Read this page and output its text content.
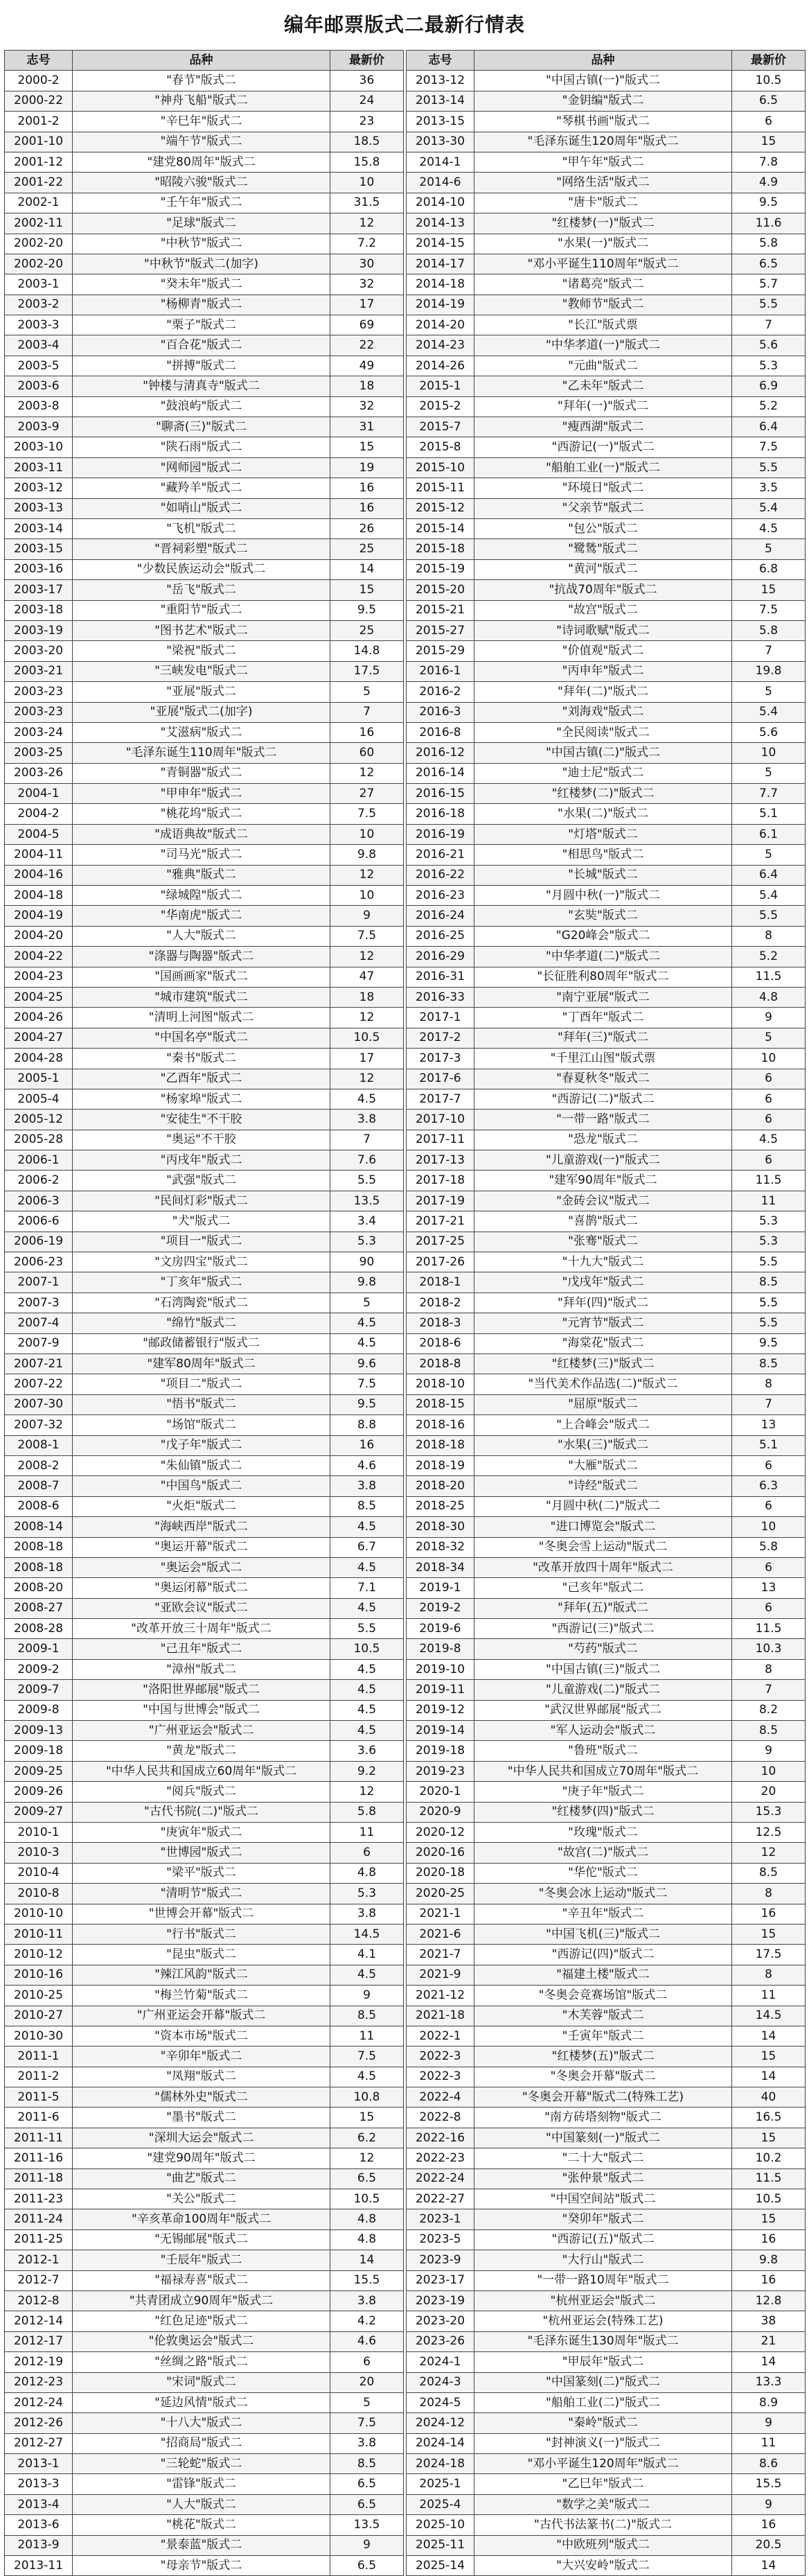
编年邮票版式二最新行情表
志号	品种	最新价
2000-2	"春节"版式二	36
2000-22	"神舟飞船"版式二	24
2001-2	"辛巳年"版式二	23
2001-10	"端午节"版式二	18.5
2001-12	"建党80周年"版式二	15.8
2001-22	"昭陵六骏"版式二	10
2002-1	"壬午年"版式二	31.5
2002-11	"足球"版式二	12
2002-20	"中秋节"版式二	7.2
2002-20	"中秋节"版式二(加字)	30
2003-1	"癸未年"版式二	32
2003-2	"杨柳青"版式二	17
2003-3	"栗子"版式二	69
2003-4	"百合花"版式二	22
2003-5	"拼搏"版式二	49
2003-6	"钟楼与清真寺"版式二	18
2003-8	"鼓浪屿"版式二	32
2003-9	"聊斋(三)"版式二	31
2003-10	"陕石雨"版式二	15
2003-11	"网师园"版式二	19
2003-12	"藏羚羊"版式二	16
2003-13	"如哨山"版式二	16
2003-14	"飞机"版式二	26
2003-15	"晋祠彩塑"版式二	25
2003-16	"少数民族运动会"版式二	14
2003-17	"岳飞"版式二	15
2003-18	"重阳节"版式二	9.5
2003-19	"图书艺术"版式二	25
2003-20	"梁祝"版式二	14.8
2003-21	"三峡发电"版式二	17.5
2003-23	"亚展"版式二	5
2003-23	"亚展"版式二(加字)	7
2003-24	"艾滋病"版式二	16
2003-25	"毛泽东诞生110周年"版式二	60
2003-26	"青铜器"版式二	12
2004-1	"甲申年"版式二	27
2004-2	"桃花坞"版式二	7.5
2004-5	"成语典故"版式二	10
2004-11	"司马光"版式二	9.8
2004-16	"雅典"版式二	12
2004-18	"绿城隍"版式二	10
2004-19	"华南虎"版式二	9
2004-20	"人大"版式二	7.5
2004-22	"涤器与陶器"版式二	12
2004-23	"国画画家"版式二	47
2004-25	"城市建筑"版式二	18
2004-26	"清明上河图"版式二	12
2004-27	"中国名亭"版式二	10.5
2004-28	"秦书"版式二	17
2005-1	"乙酉年"版式二	12
2005-4	"杨家埠"版式二	4.5
2005-12	"安徒生"不干胶	3.8
2005-28	"奥运"不干胶	7
2006-1	"丙戌年"版式二	7.6
2006-2	"武强"版式二	5.5
2006-3	"民间灯彩"版式二	13.5
2006-6	"犬"版式二	3.4
2006-19	"项目一"版式二	5.3
2006-23	"文房四宝"版式二	90
2007-1	"丁亥年"版式二	9.8
2007-3	"石湾陶瓷"版式二	5
2007-4	"绵竹"版式二	4.5
2007-9	"邮政储蓄银行"版式二	4.5
2007-21	"建军80周年"版式二	9.6
2007-22	"项目二"版式二	7.5
2007-30	"悟书"版式二	9.5
2007-32	"场馆"版式二	8.8
2008-1	"戊子年"版式二	16
2008-2	"朱仙镇"版式二	4.6
2008-7	"中国鸟"版式二	3.8
2008-6	"火炬"版式二	8.5
2008-14	"海峡西岸"版式二	4.5
2008-18	"奥运开幕"版式二	6.7
2008-18	"奥运会"版式二	4.5
2008-20	"奥运闭幕"版式二	7.1
2008-27	"亚欧会议"版式二	4.5
2008-28	"改革开放三十周年"版式二	5.5
2009-1	"己丑年"版式二	10.5
2009-2	"漳州"版式二	4.5
2009-7	"洛阳世界邮展"版式二	4.5
2009-8	"中国与世博会"版式二	4.5
2009-13	"广州亚运会"版式二	4.5
2009-18	"黄龙"版式二	3.6
2009-25	"中华人民共和国成立60周年"版式二	9.2
2009-26	"阅兵"版式二	12
2009-27	"古代书院(二)"版式二	5.8
2010-1	"庚寅年"版式二	11
2010-3	"世博园"版式二	6
2010-4	"梁平"版式二	4.8
2010-8	"清明节"版式二	5.3
2010-10	"世博会开幕"版式二	3.8
2010-11	"行书"版式二	14.5
2010-12	"昆虫"版式二	4.1
2010-16	"辣江风韵"版式二	4.5
2010-25	"梅兰竹菊"版式二	9
2010-27	"广州亚运会开幕"版式二	8.5
2010-30	"资本市场"版式二	11
2011-1	"辛卯年"版式二	7.5
2011-2	"凤翔"版式二	4.5
2011-5	"儒林外史"版式二	10.8
2011-6	"墨书"版式二	15
2011-11	"深圳大运会"版式二	6.2
2011-16	"建党90周年"版式二	12
2011-18	"曲艺"版式二	6.5
2011-23	"关公"版式二	10.5
2011-24	"辛亥革命100周年"版式二	4.8
2011-25	"无锡邮展"版式二	4.8
2012-1	"壬辰年"版式二	14
2012-7	"福禄寿喜"版式二	15.5
2012-8	"共青团成立90周年"版式二	3.8
2012-14	"红色足迹"版式二	4.2
2012-17	"伦敦奥运会"版式二	4.6
2012-19	"丝绸之路"版式二	6
2012-23	"宋词"版式二	20
2012-24	"延边风情"版式二	5
2012-26	"十八大"版式二	7.5
2012-27	"招商局"版式二	3.8
2013-1	"三轮蛇"版式二	8.5
2013-3	"雷锋"版式二	6.5
2013-4	"人大"版式二	6.5
2013-6	"桃花"版式二	13.5
2013-9	"景泰蓝"版式二	9
2013-11	"母亲节"版式二	6.5
志号	品种	最新价
2013-12	"中国古镇(一)"版式二	10.5
2013-14	"金钥编"版式二	6.5
2013-15	"琴棋书画"版式二	6
2013-30	"毛泽东诞生120周年"版式二	15
2014-1	"甲午年"版式二	7.8
2014-6	"网络生活"版式二	4.9
2014-10	"唐卡"版式二	9.5
2014-13	"红楼梦(一)"版式二	11.6
2014-15	"水果(一)"版式二	5.8
2014-17	"邓小平诞生110周年"版式二	6.5
2014-18	"诸葛亮"版式二	5.7
2014-19	"教师节"版式二	5.5
2014-20	"长江"版式票	7
2014-23	"中华孝道(一)"版式二	5.6
2014-26	"元曲"版式二	5.3
2015-1	"乙未年"版式二	6.9
2015-2	"拜年(一)"版式二	5.2
2015-7	"瘦西湖"版式二	6.4
2015-8	"西游记(一)"版式二	7.5
2015-10	"船舶工业(一)"版式二	5.5
2015-11	"环境日"版式二	3.5
2015-12	"父亲节"版式二	5.4
2015-14	"包公"版式二	4.5
2015-18	"鹭鸶"版式二	5
2015-19	"黄河"版式二	6.8
2015-20	"抗战70周年"版式二	15
2015-21	"故宫"版式二	7.5
2015-27	"诗词歌赋"版式二	5.8
2015-29	"价值观"版式二	7
2016-1	"丙申年"版式二	19.8
2016-2	"拜年(二)"版式二	5
2016-3	"刘海戏"版式二	5.4
2016-8	"全民阅读"版式二	5.6
2016-12	"中国古镇(二)"版式二	10
2016-14	"迪士尼"版式二	5
2016-15	"红楼梦(二)"版式二	7.7
2016-18	"水果(二)"版式二	5.1
2016-19	"灯塔"版式二	6.1
2016-21	"相思鸟"版式二	5
2016-22	"长城"版式二	6.4
2016-23	"月圆中秋(一)"版式二	5.4
2016-24	"玄奘"版式二	5.5
2016-25	"G20峰会"版式二	8
2016-29	"中华孝道(二)"版式二	5.2
2016-31	"长征胜利80周年"版式二	11.5
2016-33	"南宁亚展"版式二	4.8
2017-1	"丁酉年"版式二	9
2017-2	"拜年(三)"版式二	5
2017-3	"千里江山图"版式票	10
2017-6	"春夏秋冬"版式二	6
2017-7	"西游记(二)"版式二	6
2017-10	"一带一路"版式二	6
2017-11	"恐龙"版式二	4.5
2017-13	"儿童游戏(一)"版式二	6
2017-18	"建军90周年"版式二	11.5
2017-19	"金砖会议"版式二	11
2017-21	"喜鹊"版式二	5.3
2017-25	"张骞"版式二	5.3
2017-26	"十九大"版式二	5.5
2018-1	"戊戌年"版式二	8.5
2018-2	"拜年(四)"版式二	5.5
2018-3	"元宵节"版式二	5.5
2018-6	"海棠花"版式二	9.5
2018-8	"红楼梦(三)"版式二	8.5
2018-10	"当代美术作品选(二)"版式二	8
2018-15	"屈原"版式二	7
2018-16	"上合峰会"版式二	13
2018-18	"水果(三)"版式二	5.1
2018-19	"大雁"版式二	6
2018-20	"诗经"版式二	6.3
2018-25	"月圆中秋(二)"版式二	6
2018-30	"进口博览会"版式二	10
2018-32	"冬奥会雪上运动"版式二	5.8
2018-34	"改革开放四十周年"版式二	6
2019-1	"己亥年"版式二	13
2019-2	"拜年(五)"版式二	6
2019-6	"西游记(三)"版式二	11.5
2019-8	"芍药"版式二	10.3
2019-10	"中国古镇(三)"版式二	8
2019-11	"儿童游戏(二)"版式二	7
2019-12	"武汉世界邮展"版式二	8.2
2019-14	"军人运动会"版式二	8.5
2019-18	"鲁班"版式二	9
2019-23	"中华人民共和国成立70周年"版式二	10
2020-1	"庚子年"版式二	20
2020-9	"红楼梦(四)"版式二	15.3
2020-12	"玫瑰"版式二	12.5
2020-16	"故宫(二)"版式二	12
2020-18	"华佗"版式二	8.5
2020-25	"冬奥会冰上运动"版式二	8
2021-1	"辛丑年"版式二	16
2021-6	"中国飞机(三)"版式二	15
2021-7	"西游记(四)"版式二	17.5
2021-9	"福建土楼"版式二	8
2021-12	"冬奥会竞赛场馆"版式二	11
2021-18	"木芙蓉"版式二	14.5
2022-1	"壬寅年"版式二	14
2022-3	"红楼梦(五)"版式二	15
2022-3	"冬奥会开幕"版式二	14
2022-4	"冬奥会开幕"版式二(特殊工艺)	40
2022-8	"南方砖塔刻物"版式二	16.5
2022-16	"中国篆刻(一)"版式二	15
2022-23	"二十大"版式二	10.2
2022-24	"张仲景"版式二	11.5
2022-27	"中国空间站"版式二	10.5
2023-1	"癸卯年"版式二	15
2023-5	"西游记(五)"版式二	16
2023-9	"大行山"版式二	9.8
2023-17	"一带一路10周年"版式二	16
2023-19	"杭州亚运会"版式二	12.8
2023-20	"杭州亚运会(特殊工艺)	38
2023-26	"毛泽东诞生130周年"版式二	21
2024-1	"甲辰年"版式二	14
2024-3	"中国篆刻(二)"版式二	13.3
2024-5	"船舶工业(二)"版式二	8.9
2024-12	"秦岭"版式二	9
2024-14	"封神演义(一)"版式二	11
2024-18	"邓小平诞生120周年"版式二	8.6
2025-1	"乙巳年"版式二	15.5
2025-4	"数学之美"版式二	9
2025-10	"古代书法篆书(二)"版式二	16
2025-11	"中欧班列"版式二	20.5
2025-14	"大兴安岭"版式二	14
